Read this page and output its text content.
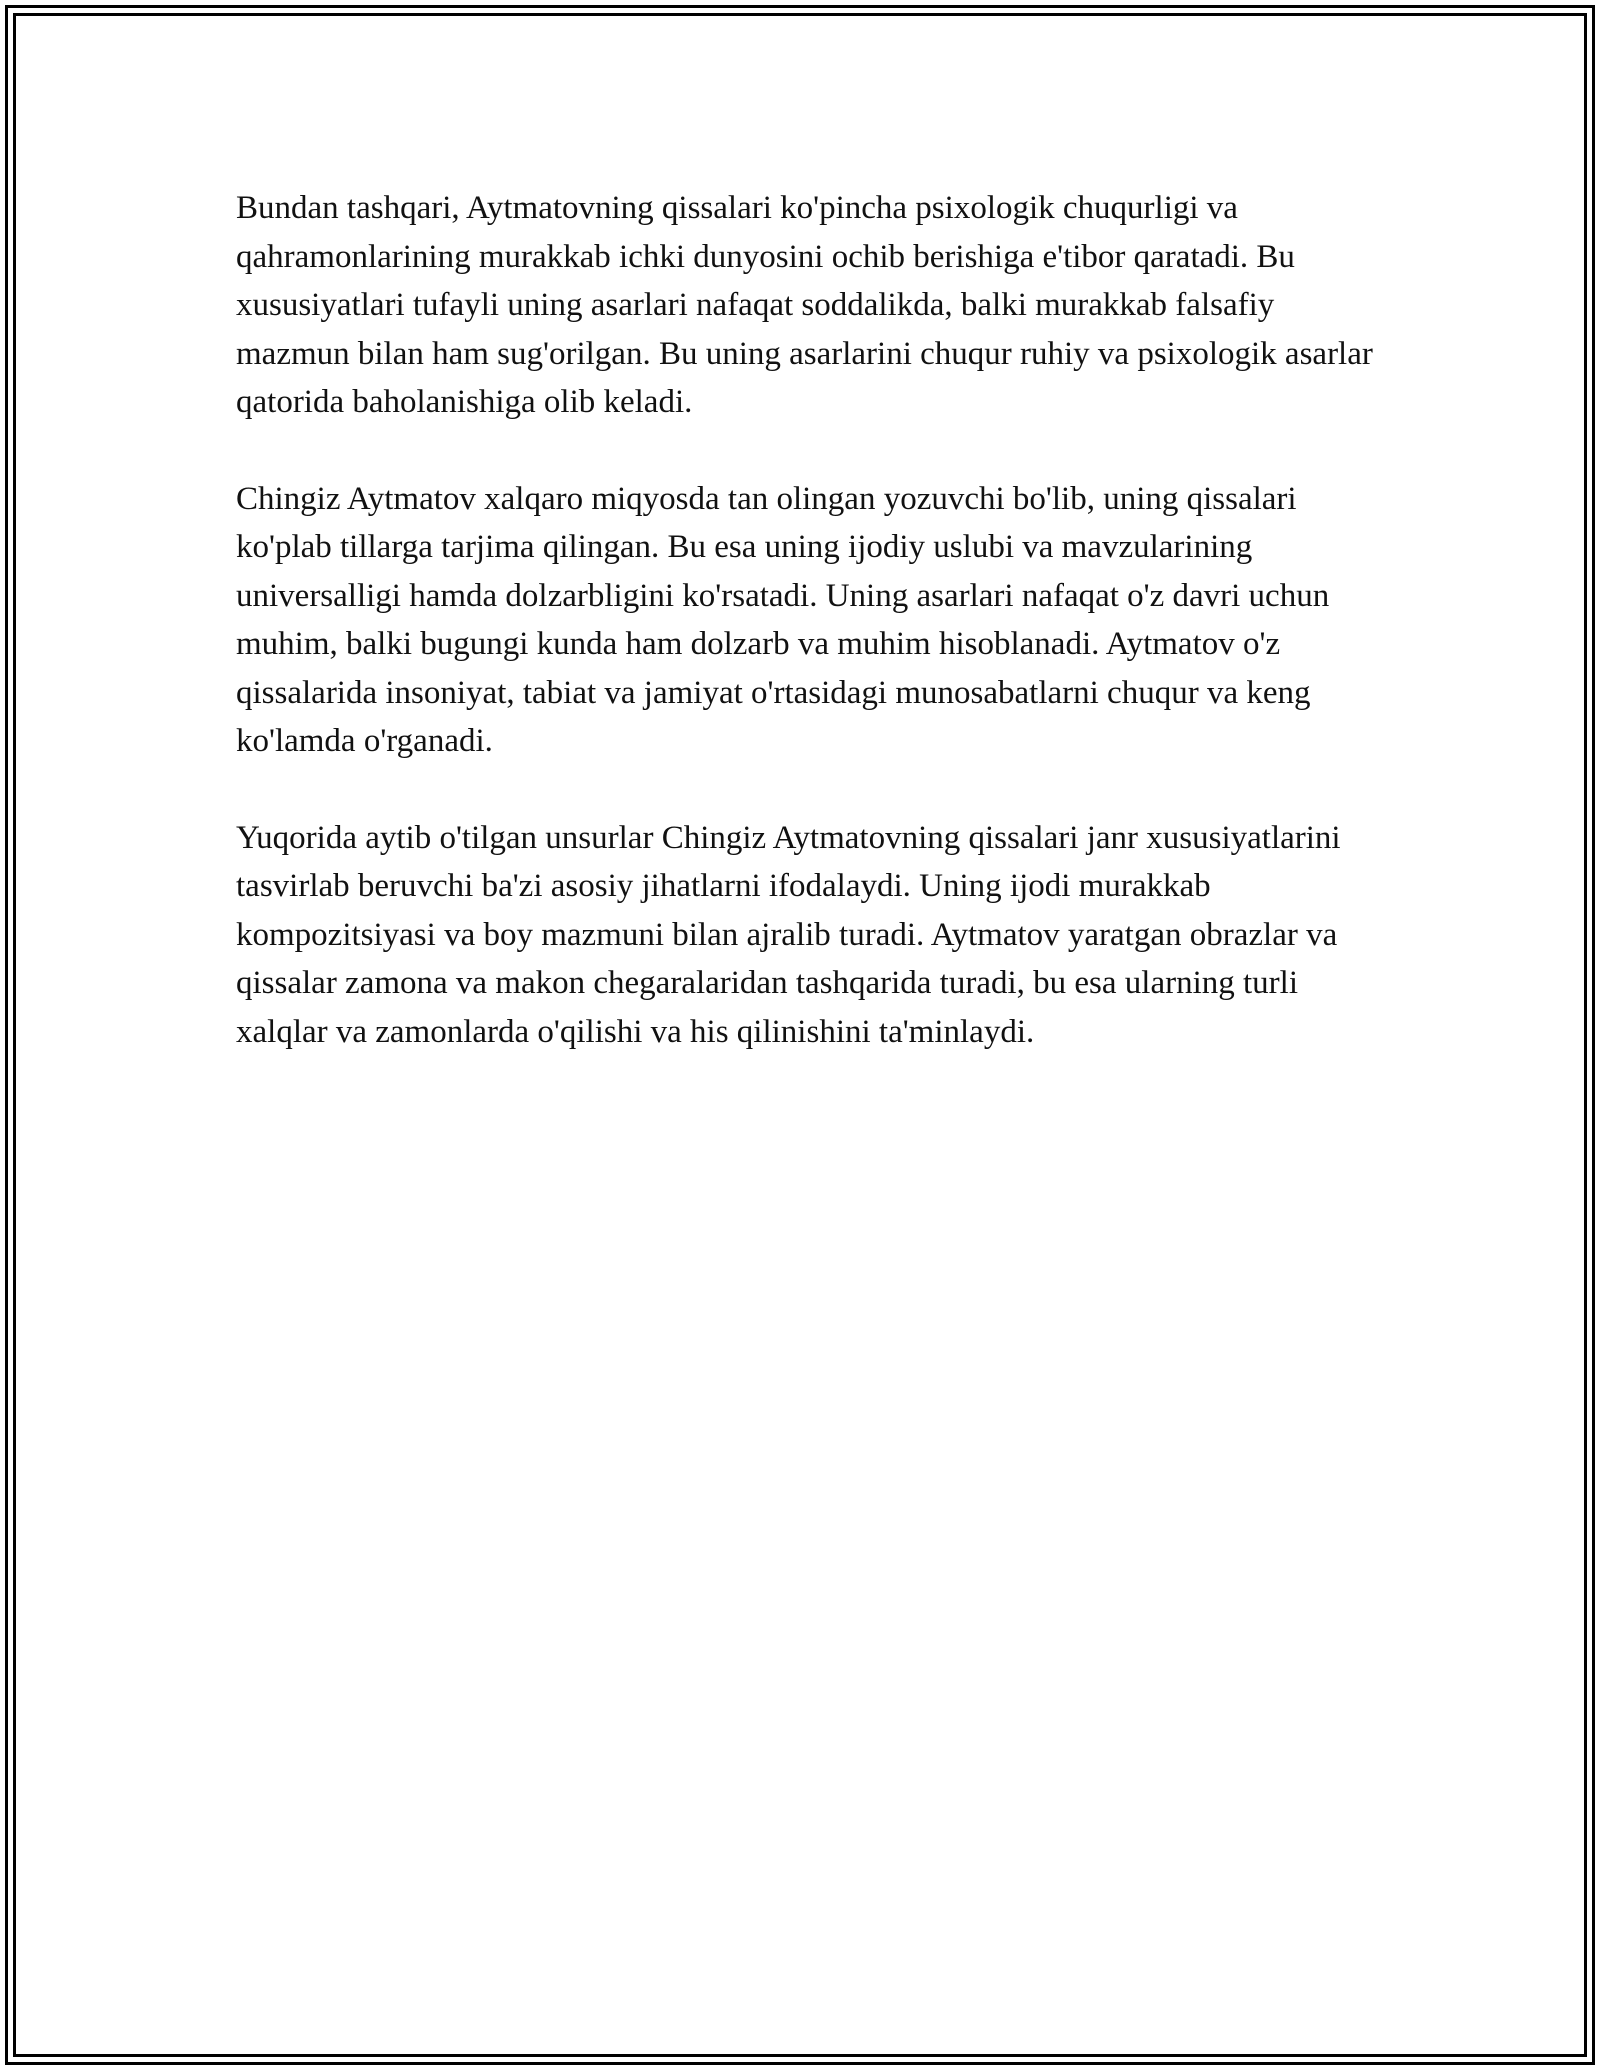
Bundan tashqari, Aytmatovning qissalari ko'pincha psixologik chuqurligi va qahramonlarining murakkab ichki dunyosini ochib berishiga e'tibor qaratadi. Bu xususiyatlari tufayli uning asarlari nafaqat soddalikda, balki murakkab falsafiy mazmun bilan ham sug'orilgan. Bu uning asarlarini chuqur ruhiy va psixologik asarlar qatorida baholanishiga olib keladi.

Chingiz Aytmatov xalqaro miqyosda tan olingan yozuvchi bo'lib, uning qissalari ko'plab tillarga tarjima qilingan. Bu esa uning ijodiy uslubi va mavzularining universalligi hamda dolzarbligini ko'rsatadi. Uning asarlari nafaqat o'z davri uchun muhim, balki bugungi kunda ham dolzarb va muhim hisoblanadi. Aytmatov o'z qissalarida insoniyat, tabiat va jamiyat o'rtasidagi munosabatlarni chuqur va keng ko'lamda o'rganadi.

Yuqorida aytib o'tilgan unsurlar Chingiz Aytmatovning qissalari janr xususiyatlarini tasvirlab beruvchi ba'zi asosiy jihatlarni ifodalaydi. Uning ijodi murakkab kompozitsiyasi va boy mazmuni bilan ajralib turadi. Aytmatov yaratgan obrazlar va qissalar zamona va makon chegaralaridan tashqarida turadi, bu esa ularning turli xalqlar va zamonlarda o'qilishi va his qilinishini ta'minlaydi.
